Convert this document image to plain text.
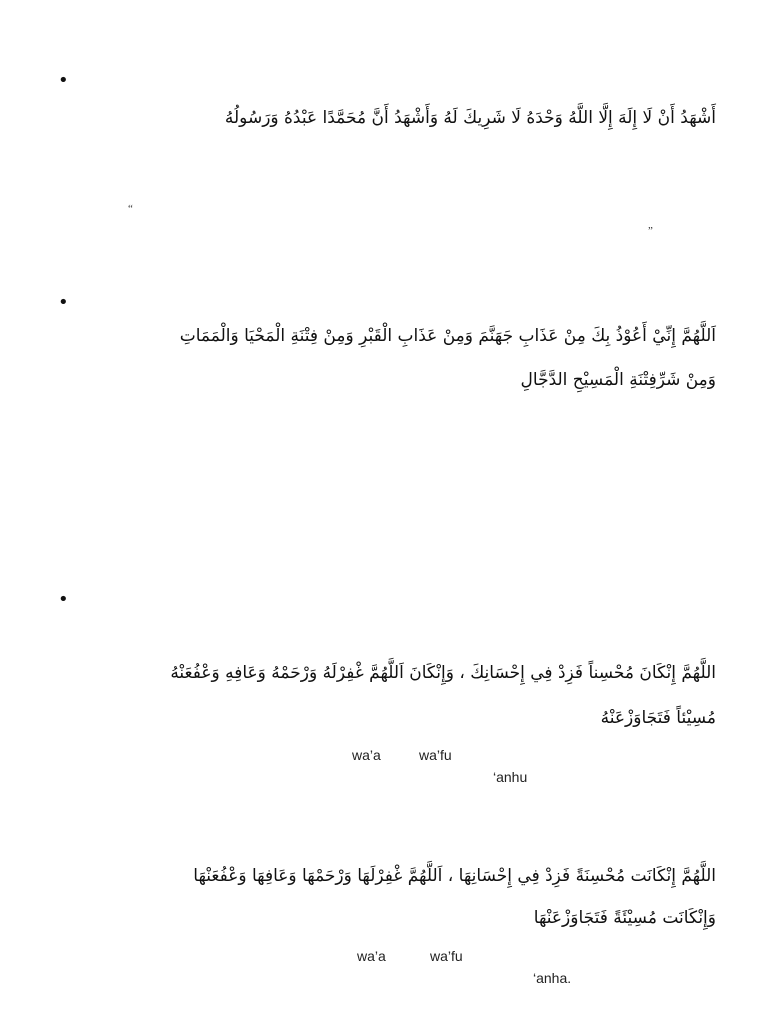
•
أَشْهَدُ أَنْ لَا إِلَهَ إِلَّا اللَّهُ وَحْدَهُ لَا شَرِيكَ لَهُ وَأَشْهَدُ أَنَّ مُحَمَّدًا عَبْدُهُ وَرَسُولُهُ
“
”
•
اَللَّهُمَّ إِنِّيْ أَعُوْذُ بِكَ مِنْ عَذَابِ جَهَنَّمَ وَمِنْ عَذَابِ الْقَبْرِ وَمِنْ فِتْنَةِ الْمَحْيَا وَالْمَمَاتِ
وَمِنْ شَرِّفِتْنَةِ الْمَسِيْحِ الدَّجَّالِ
•
اللَّهُمَّ إِنْكَانَ مُحْسِناً فَزِدْ فِي إِحْسَانِكَ ، وَإِنْكَانَ اَللَّهُمَّ غْفِرْلَهُ وَرْحَمْهُ وَعَافِهِ وَعْفُعَنْهُ
مُسِيْئاً فَتَجَاوَزْعَنْهُ
wa’a	wa’fu
‘anhu
اللَّهُمَّ إِنْكَانَت مُحْسِنَةً فَزِدْ فِي إِحْسَانِهَا ، اَللَّهُمَّ غْفِرْلَهَا وَرْحَمْهَا وَعَافِهَا وَعْفُعَنْهَا
وَإِنْكَانَت مُسِيْئَةً فَتَجَاوَزْعَنْهَا
wa’a	wa’fu
‘anha.
